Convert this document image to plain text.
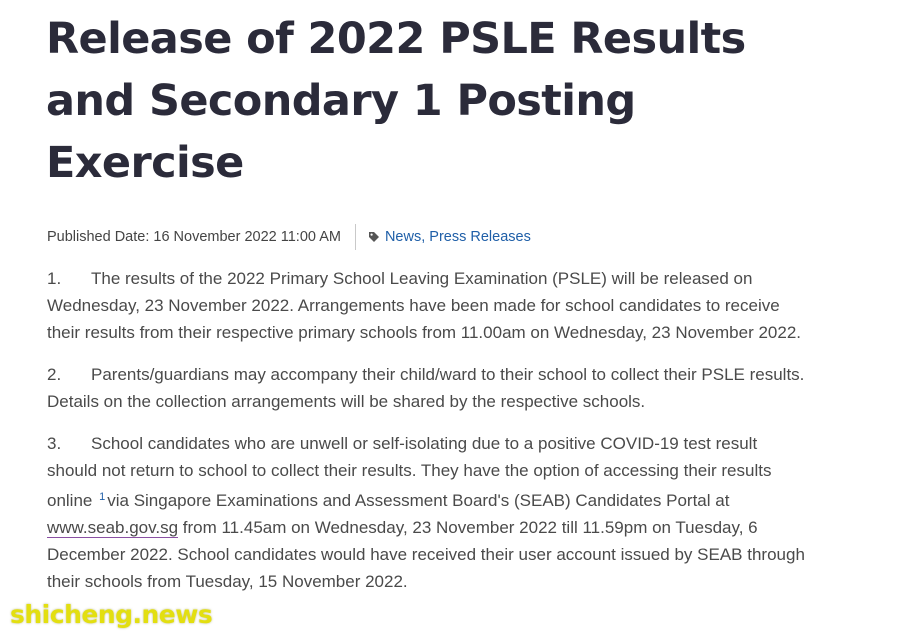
Release of 2022 PSLE Results and Secondary 1 Posting Exercise
Published Date: 16 November 2022 11:00 AM	News , Press Releases

1. The results of the 2022 Primary School Leaving Examination (PSLE) will be released on Wednesday, 23 November 2022. Arrangements have been made for school candidates to receive their results from their respective primary schools from 11.00am on Wednesday, 23 November 2022.

2. Parents/guardians may accompany their child/ward to their school to collect their PSLE results. Details on the collection arrangements will be shared by the respective schools.

3. School candidates who are unwell or self-isolating due to a positive COVID-19 test result should not return to school to collect their results. They have the option of accessing their results online $^1$ via Singapore Examinations and Assessment Board's (SEAB) Candidates Portal at www.seab.gov.sg from 11.45am on Wednesday, 23 November 2022 till 11.59pm on Tuesday, 6 December 2022. School candidates would have received their user account issued by SEAB through their schools from Tuesday, 15 November 2022.

shicheng.news
